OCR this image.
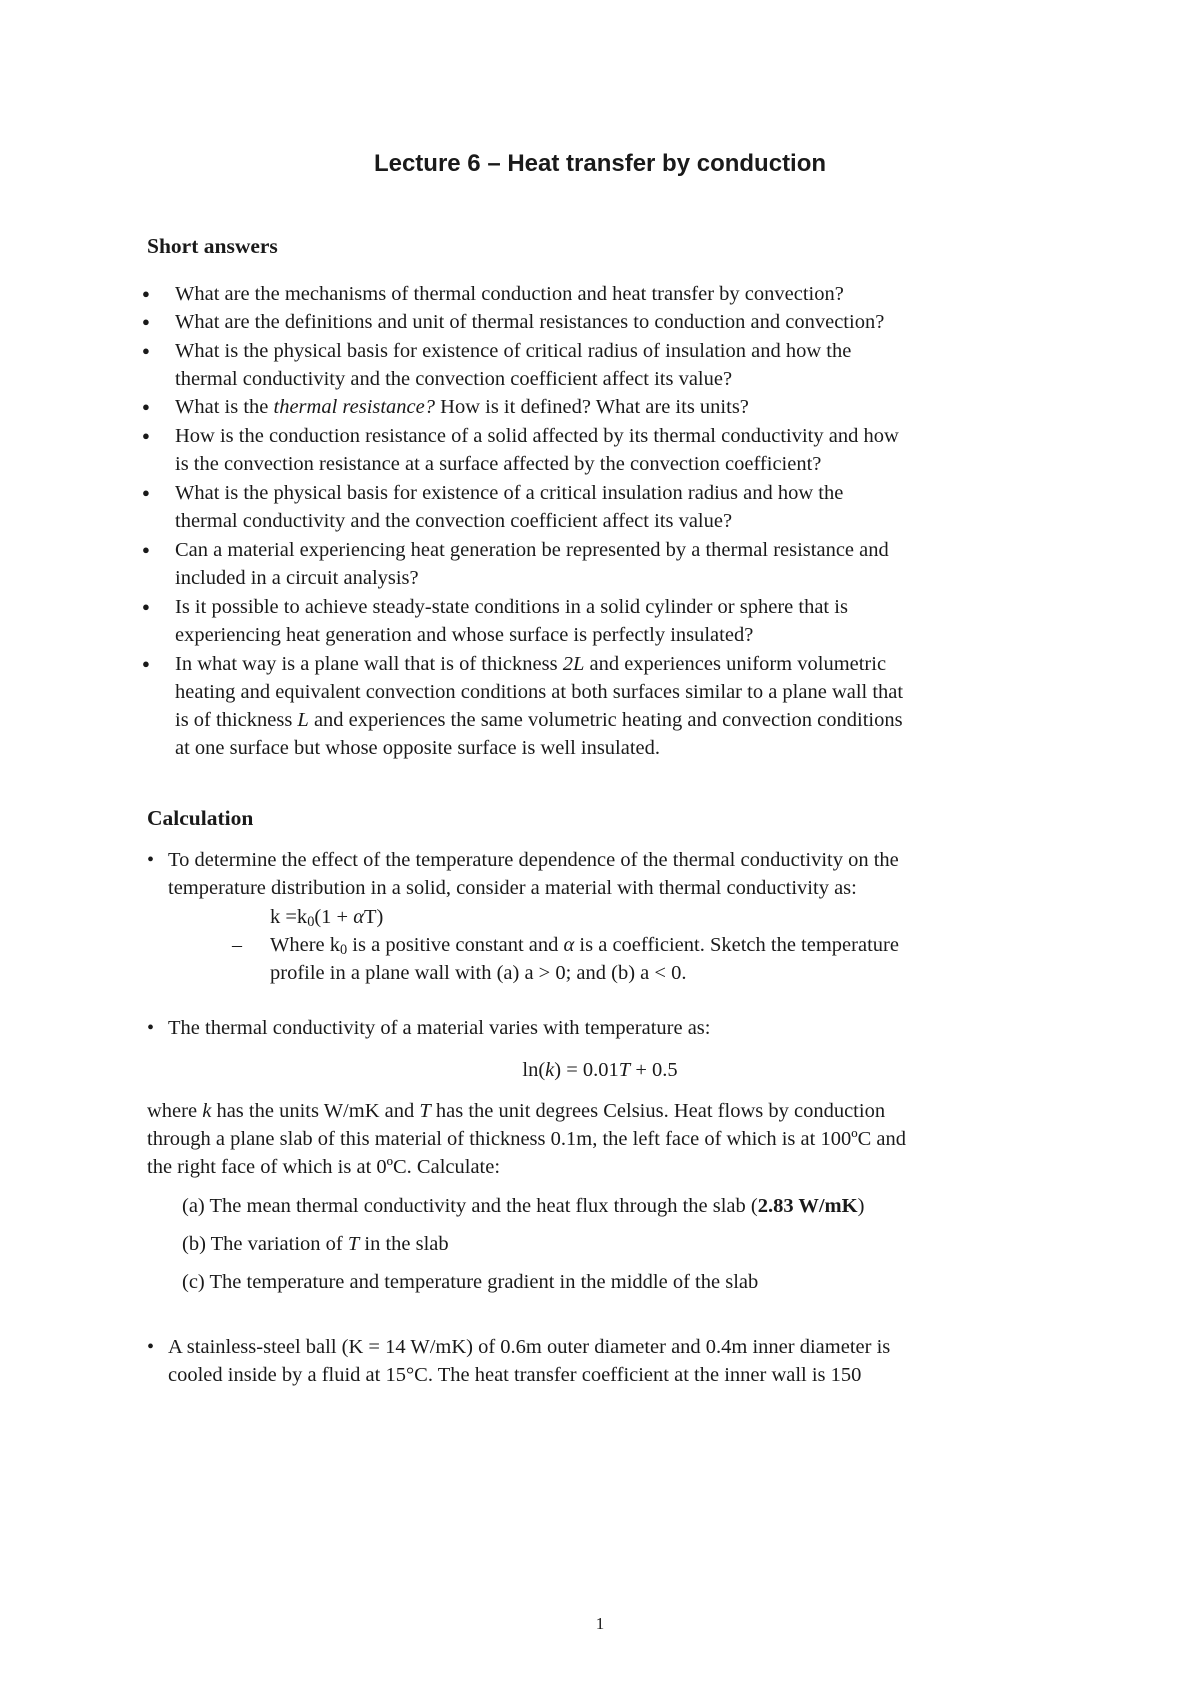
Lecture 6 – Heat transfer by conduction
Short answers
● What are the mechanisms of thermal conduction and heat transfer by convection?
● What are the definitions and unit of thermal resistances to conduction and convection?
● What is the physical basis for existence of critical radius of insulation and how the
thermal conductivity and the convection coefficient affect its value?
● What is the thermal resistance? How is it defined? What are its units?
● How is the conduction resistance of a solid affected by its thermal conductivity and how
is the convection resistance at a surface affected by the convection coefficient?
● What is the physical basis for existence of a critical insulation radius and how the
thermal conductivity and the convection coefficient affect its value?
● Can a material experiencing heat generation be represented by a thermal resistance and
included in a circuit analysis?
● Is it possible to achieve steady-state conditions in a solid cylinder or sphere that is
experiencing heat generation and whose surface is perfectly insulated?
● In what way is a plane wall that is of thickness 2L and experiences uniform volumetric
heating and equivalent convection conditions at both surfaces similar to a plane wall that
is of thickness L and experiences the same volumetric heating and convection conditions
at one surface but whose opposite surface is well insulated.
Calculation
• To determine the effect of the temperature dependence of the thermal conductivity on the
temperature distribution in a solid, consider a material with thermal conductivity as:
$k =k_0(1 + \alpha T)$
– Where $k_0$ is a positive constant and α is a coefficient. Sketch the temperature
profile in a plane wall with (a) a > 0; and (b) a < 0.
• The thermal conductivity of a material varies with temperature as:
ln(k) = 0.01T + 0.5
where k has the units W/mK and T has the unit degrees Celsius. Heat flows by conduction
through a plane slab of this material of thickness 0.1m, the left face of which is at 100ºC and
the right face of which is at 0ºC. Calculate:
(a) The mean thermal conductivity and the heat flux through the slab (2.83 W/mK)
(b) The variation of T in the slab
(c) The temperature and temperature gradient in the middle of the slab
• A stainless-steel ball (K = 14 W/mK) of 0.6m outer diameter and 0.4m inner diameter is
cooled inside by a fluid at 15°C. The heat transfer coefficient at the inner wall is 150
1
